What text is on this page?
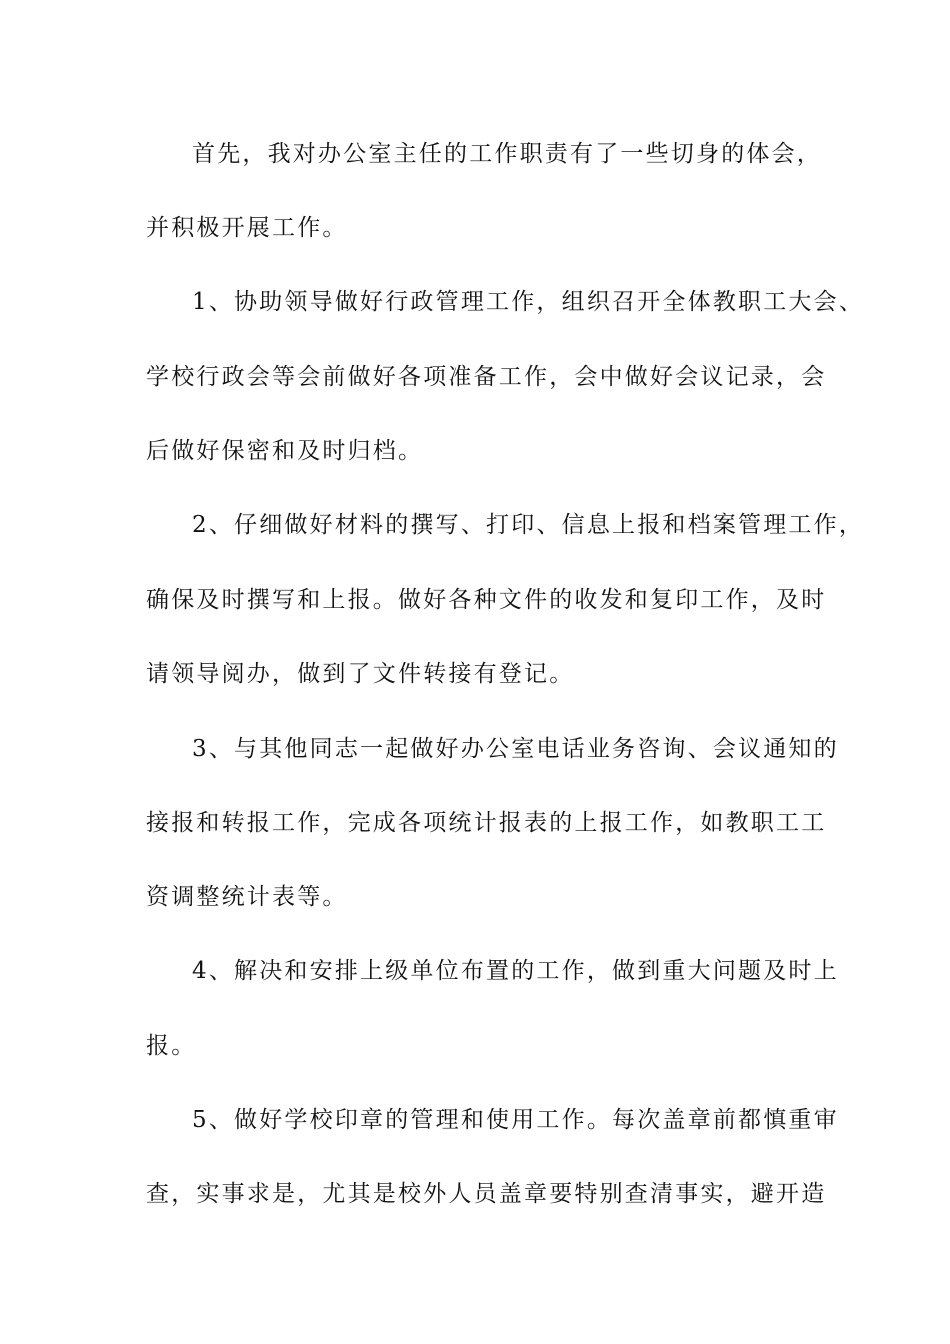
首先，我对办公室主任的工作职责有了一些切身的体会，
并积极开展工作。
1、协助领导做好行政管理工作，组织召开全体教职工大会、
学校行政会等会前做好各项准备工作，会中做好会议记录，会
后做好保密和及时归档。
2、仔细做好材料的撰写、打印、信息上报和档案管理工作，
确保及时撰写和上报。做好各种文件的收发和复印工作，及时
请领导阅办，做到了文件转接有登记。
3、与其他同志一起做好办公室电话业务咨询、会议通知的
接报和转报工作，完成各项统计报表的上报工作，如教职工工
资调整统计表等。
4、解决和安排上级单位布置的工作，做到重大问题及时上
报。
5、做好学校印章的管理和使用工作。每次盖章前都慎重审
查，实事求是，尤其是校外人员盖章要特别查清事实，避开造
